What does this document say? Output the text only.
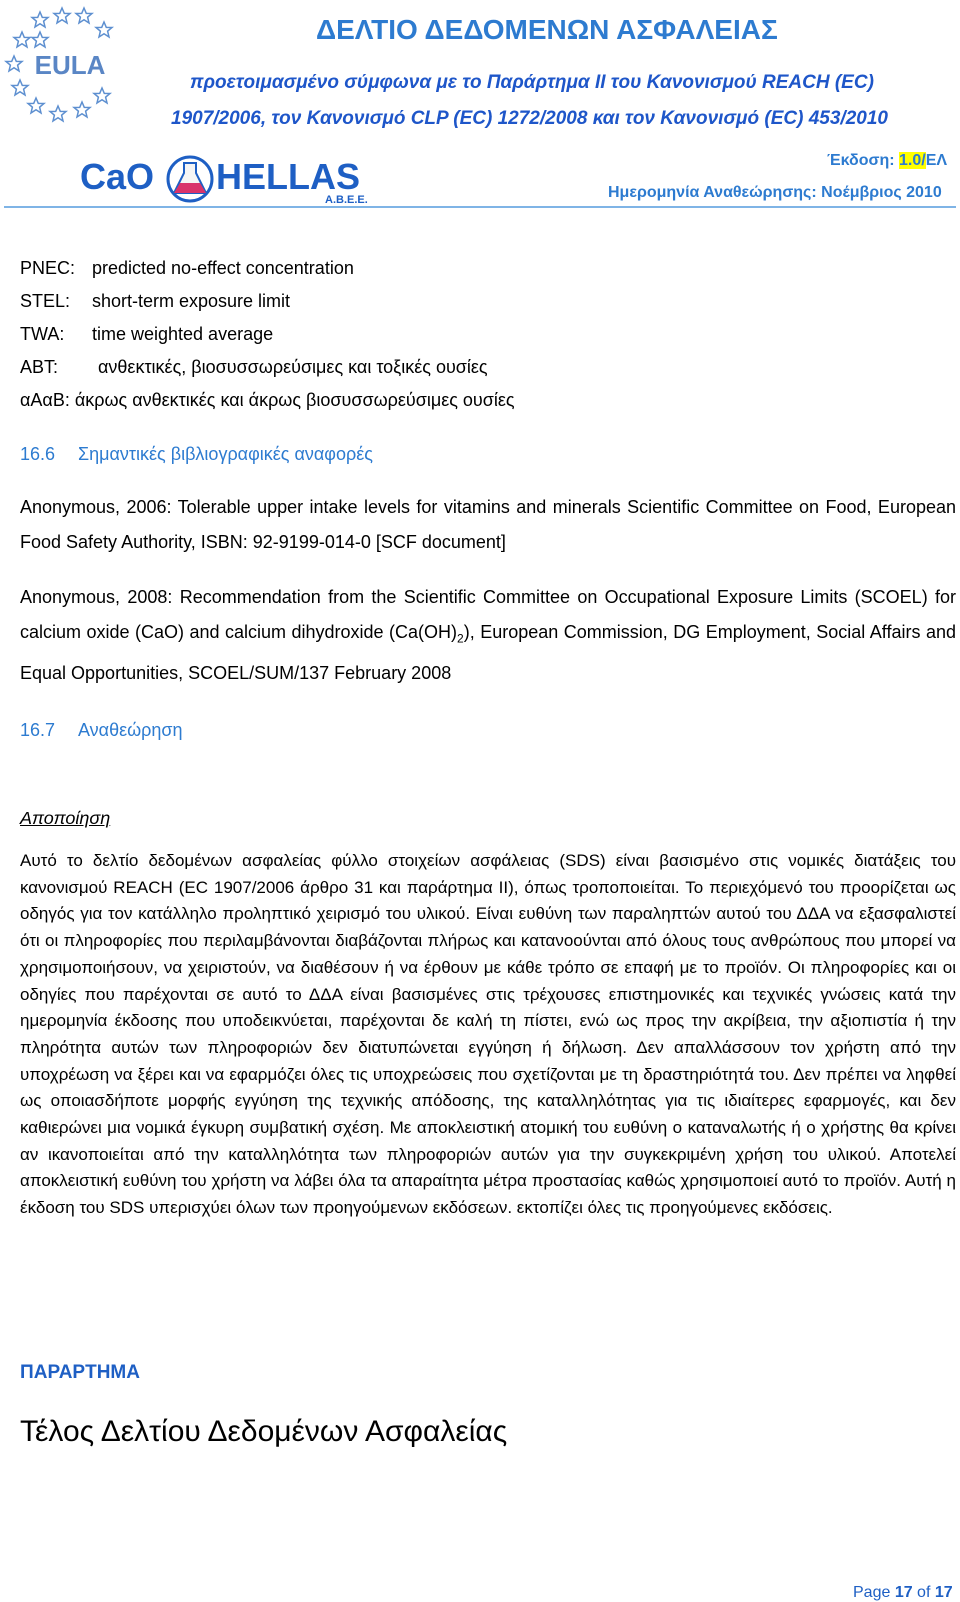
EULA
CaO HELLAS
A.B.E.E.
ΔΕΛΤΙΟ ΔΕΔΟΜΕΝΩΝ ΑΣΦΑΛΕΙΑΣ
προετοιμασμένο σύμφωνα με το Παράρτημα ΙΙ του Κανονισμού REACH (EC)
1907/2006, τον Κανονισμό CLP (EC) 1272/2008 και τον Κανονισμό (EC) 453/2010
Έκδοση: 1.0/ΕΛ
Ημερομηνία Αναθεώρησης: Νοέμβριος 2010
PNEC: predicted no-effect concentration
STEL: short-term exposure limit
TWA: time weighted average
ABT: ανθεκτικές, βιοσυσσωρεύσιμες και τοξικές ουσίες
αΑαΒ: άκρως ανθεκτικές και άκρως βιοσυσσωρεύσιμες ουσίες
16.6 Σημαντικές βιβλιογραφικές αναφορές
Anonymous, 2006: Tolerable upper intake levels for vitamins and minerals Scientific Committee on Food, European Food Safety Authority, ISBN: 92-9199-014-0 [SCF document]
Anonymous, 2008: Recommendation from the Scientific Committee on Occupational Exposure Limits (SCOEL) for calcium oxide (CaO) and calcium dihydroxide $(Ca(OH)_2)$, European Commission, DG Employment, Social Affairs and Equal Opportunities, SCOEL/SUM/137 February 2008
16.7 Αναθεώρηση
Αποποίηση
Αυτό το δελτίο δεδομένων ασφαλείας φύλλο στοιχείων ασφάλειας (SDS) είναι βασισμένο στις νομικές διατάξεις του κανονισμού REACH (EC 1907/2006 άρθρο 31 και παράρτημα II), όπως τροποποιείται. Το περιεχόμενό του προορίζεται ως οδηγός για τον κατάλληλο προληπτικό χειρισμό του υλικού. Είναι ευθύνη των παραληπτών αυτού του ΔΔΑ να εξασφαλιστεί ότι οι πληροφορίες που περιλαμβάνονται διαβάζονται πλήρως και κατανοούνται από όλους τους ανθρώπους που μπορεί να χρησιμοποιήσουν, να χειριστούν, να διαθέσουν ή να έρθουν με κάθε τρόπο σε επαφή με το προϊόν. Οι πληροφορίες και οι οδηγίες που παρέχονται σε αυτό το ΔΔΑ είναι βασισμένες στις τρέχουσες επιστημονικές και τεχνικές γνώσεις κατά την ημερομηνία έκδοσης που υποδεικνύεται, παρέχονται δε καλή τη πίστει, ενώ ως προς την ακρίβεια, την αξιοπιστία ή την πληρότητα αυτών των πληροφοριών δεν διατυπώνεται εγγύηση ή δήλωση. Δεν απαλλάσσουν τον χρήστη από την υποχρέωση να ξέρει και να εφαρμόζει όλες τις υποχρεώσεις που σχετίζονται με τη δραστηριότητά του. Δεν πρέπει να ληφθεί ως οποιασδήποτε μορφής εγγύηση της τεχνικής απόδοσης, της καταλληλότητας για τις ιδιαίτερες εφαρμογές, και δεν καθιερώνει μια νομικά έγκυρη συμβατική σχέση. Με αποκλειστική ατομική του ευθύνη ο καταναλωτής ή ο χρήστης θα κρίνει αν ικανοποιείται από την καταλληλότητα των πληροφοριών αυτών για την συγκεκριμένη χρήση του υλικού. Αποτελεί αποκλειστική ευθύνη του χρήστη να λάβει όλα τα απαραίτητα μέτρα προστασίας καθώς χρησιμοποιεί αυτό το προϊόν. Αυτή η έκδοση του SDS υπερισχύει όλων των προηγούμενων εκδόσεων. εκτοπίζει όλες τις προηγούμενες εκδόσεις.
ΠΑΡΑΡΤΗΜΑ
Τέλος Δελτίου Δεδομένων Ασφαλείας
Page 17 of 17
